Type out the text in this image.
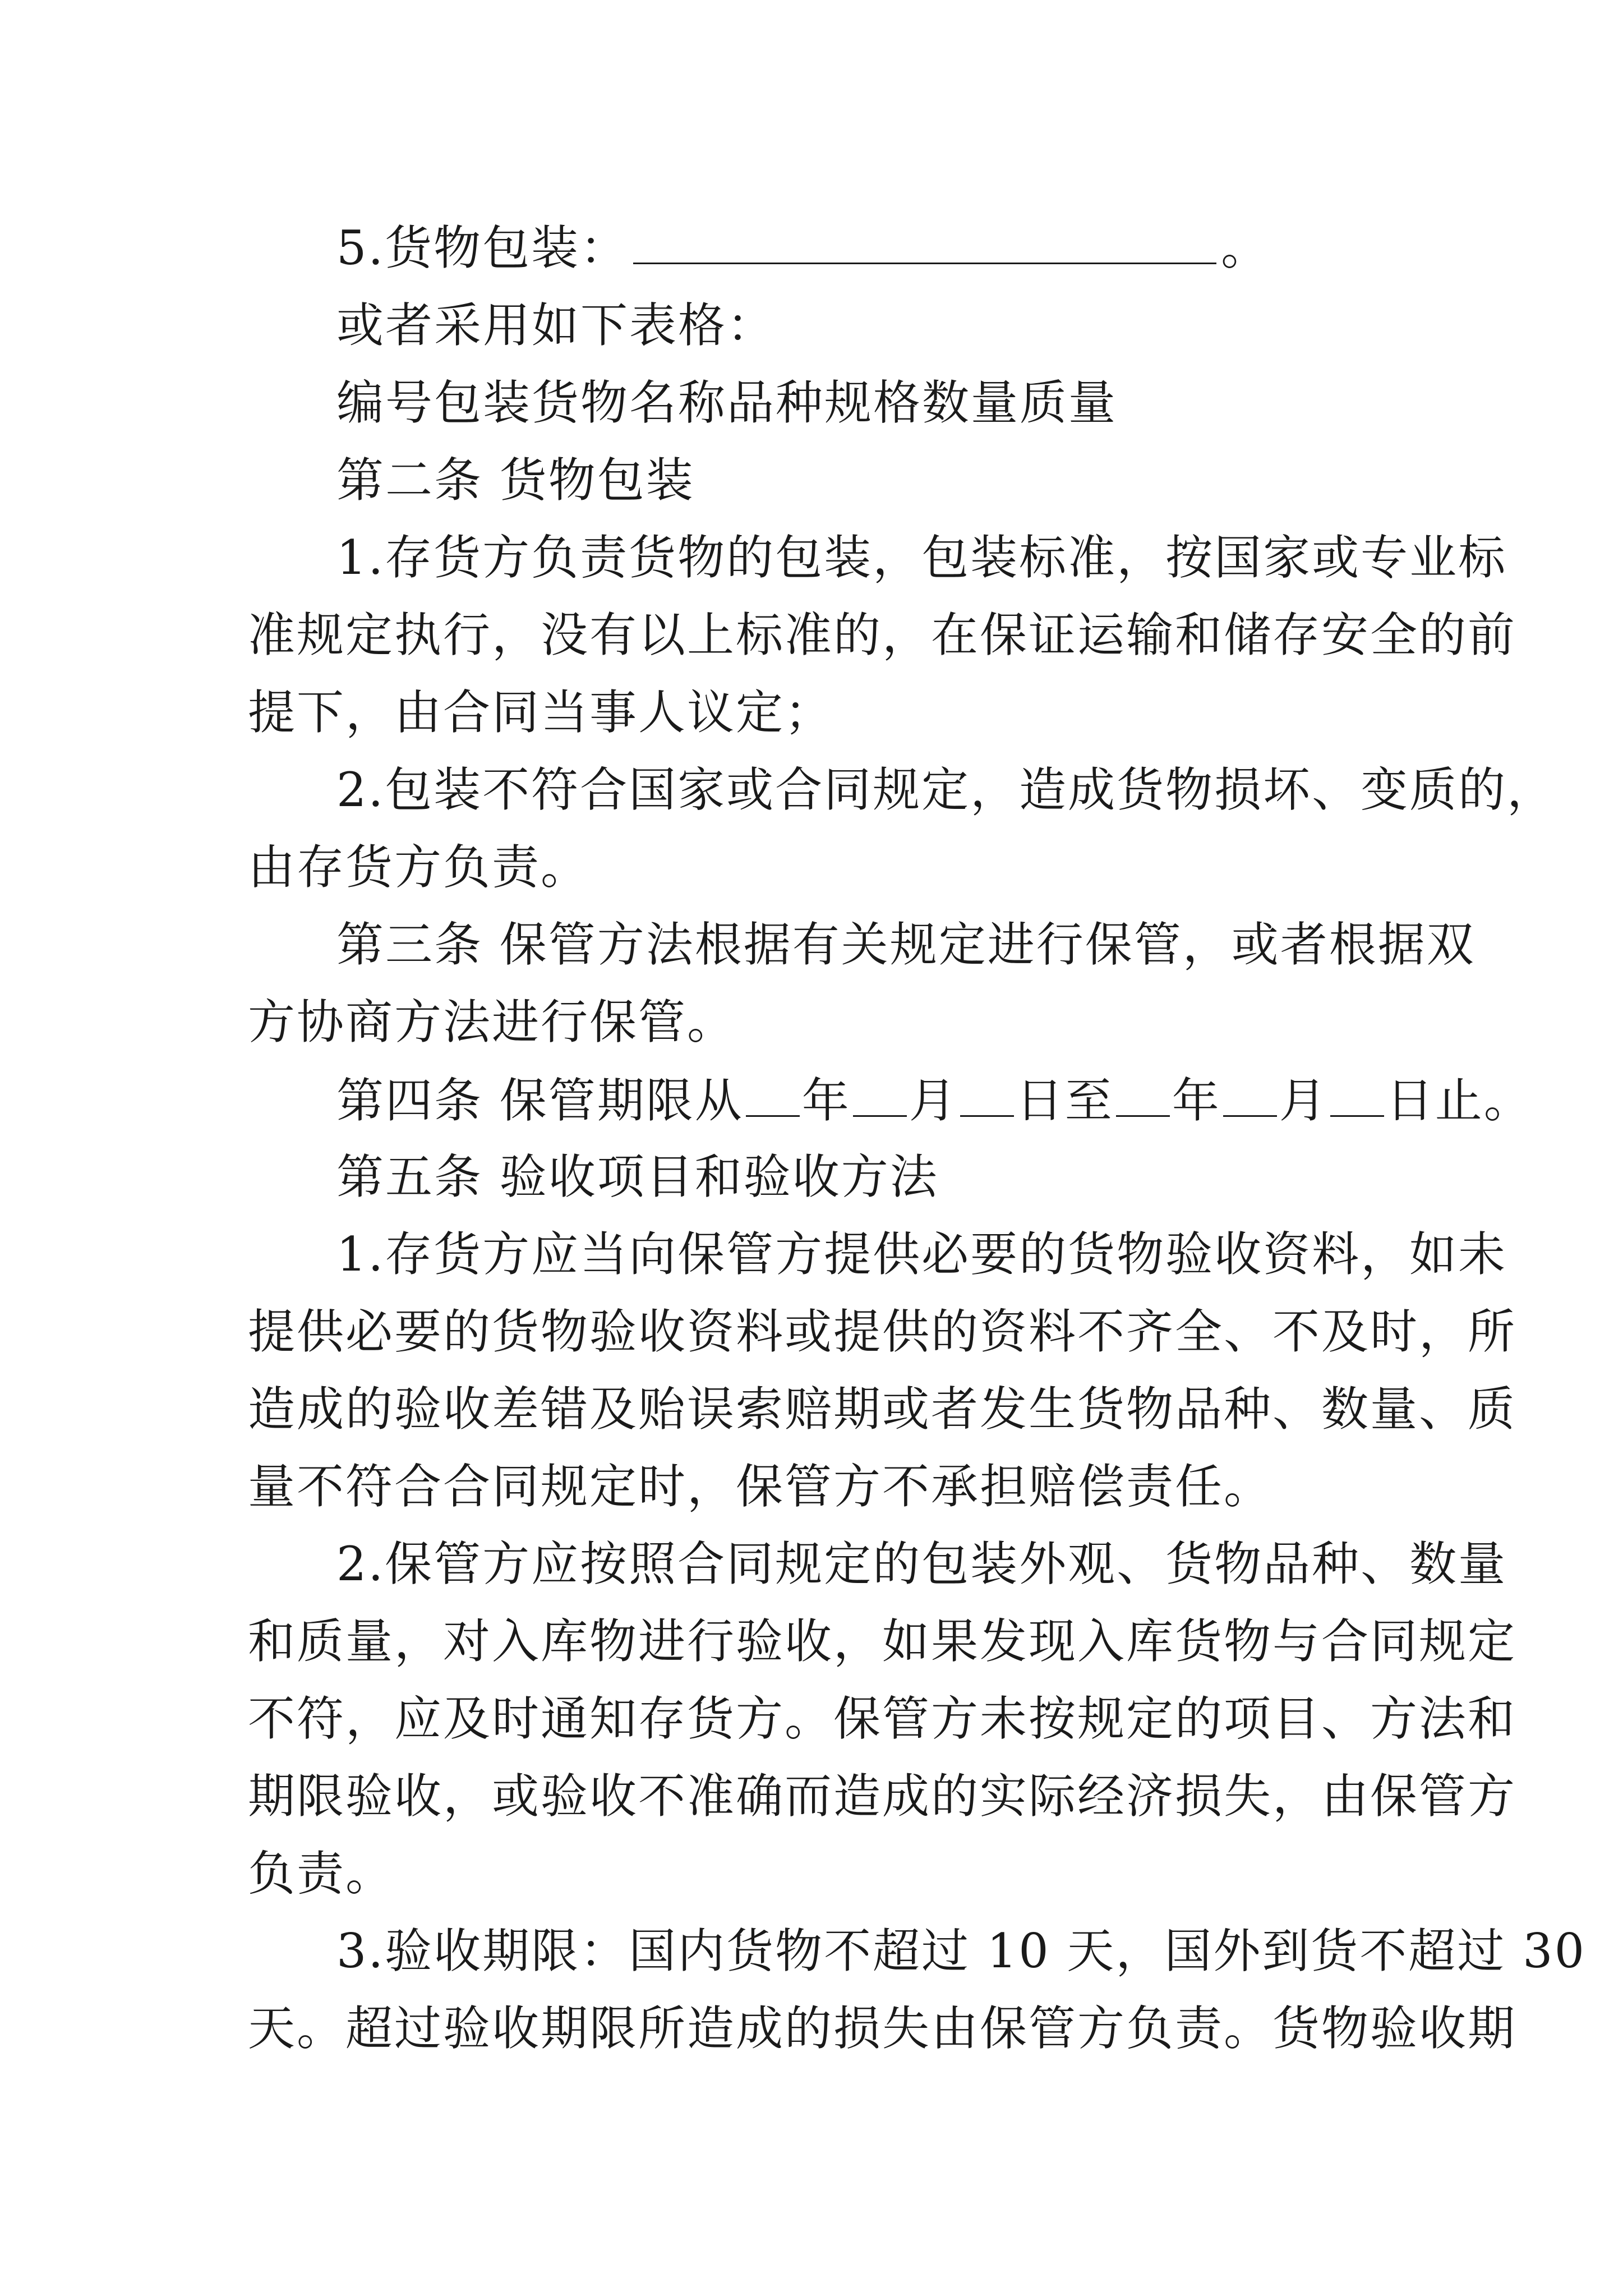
5.货物包装：	。
或者采用如下表格：
编号包装货物名称品种规格数量质量
第二条 货物包装
1.存货方负责货物的包装，包装标准，按国家或专业标
准规定执行，没有以上标准的，在保证运输和储存安全的前
提下，由合同当事人议定；
2.包装不符合国家或合同规定，造成货物损坏、变质的，
由存货方负责。
第三条 保管方法根据有关规定进行保管，或者根据双
方协商方法进行保管。
第四条 保管期限从 年 月 日至 年 月 日止。
第五条 验收项目和验收方法
1.存货方应当向保管方提供必要的货物验收资料，如未
提供必要的货物验收资料或提供的资料不齐全、不及时，所
造成的验收差错及贻误索赔期或者发生货物品种、数量、质
量不符合合同规定时，保管方不承担赔偿责任。
2.保管方应按照合同规定的包装外观、货物品种、数量
和质量，对入库物进行验收，如果发现入库货物与合同规定
不符，应及时通知存货方。保管方未按规定的项目、方法和
期限验收，或验收不准确而造成的实际经济损失，由保管方
负责。
3.验收期限：国内货物不超过 10 天，国外到货不超过 30
天。超过验收期限所造成的损失由保管方负责。货物验收期
